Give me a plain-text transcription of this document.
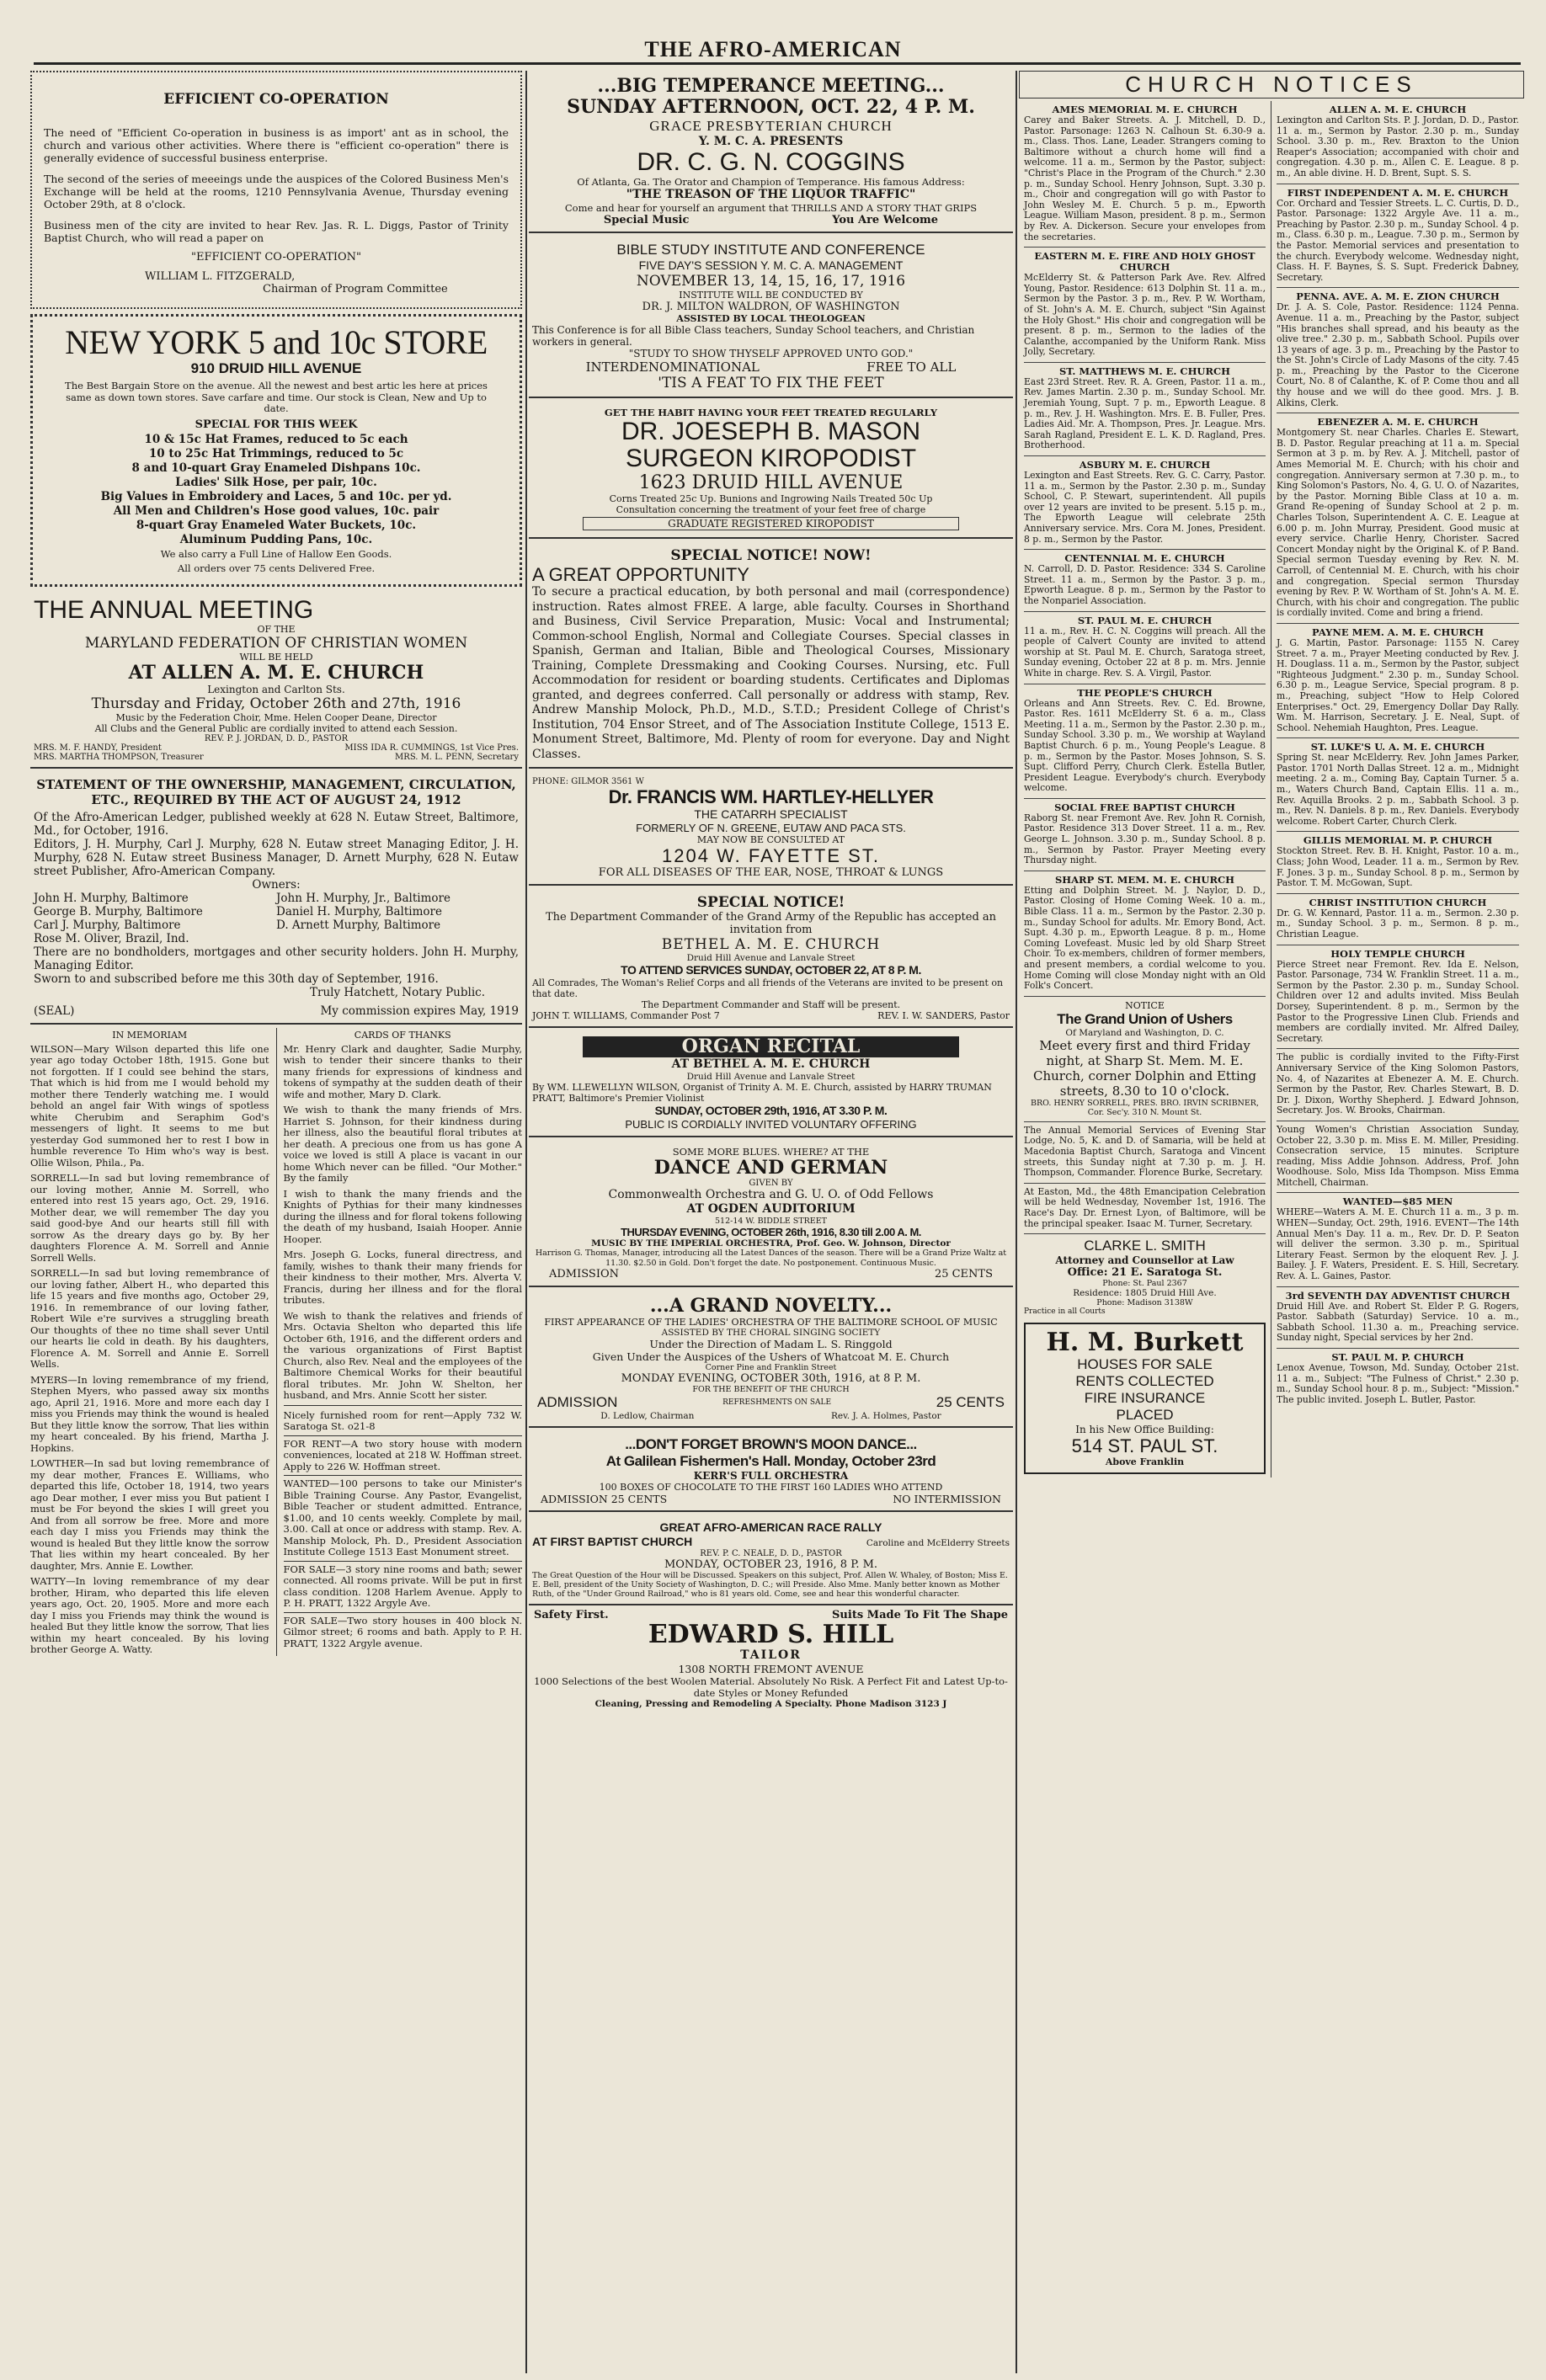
THE AFRO-AMERICAN
EFFICIENT CO-OPERATION

The need of "Efficient Co-operation in business is as import' ant as in school, the church and various other activities. Where there is "efficient co-operation" there is generally evidence of successful business enterprise.

The second of the series of meeeings unde the auspices of the Colored Business Men's Exchange will be held at the rooms, 1210 Pennsylvania Avenue, Thursday evening October 29th, at 8 o'clock.

Business men of the city are invited to hear Rev. Jas. R. L. Diggs, Pastor of Trinity Baptist Church, who will read a paper on

"EFFICIENT CO-OPERATION"
WILLIAM L. FITZGERALD,
Chairman of Program Committee
NEW YORK 5 and 10c STORE
910 DRUID HILL AVENUE

The Best Bargain Store on the avenue. All the newest and best artic les here at prices same as down town stores. Save carfare and time. Our stock is Clean, New and Up to date.

SPECIAL FOR THIS WEEK

10 & 15c Hat Frames, reduced to 5c each

10 to 25c Hat Trimmings, reduced to 5c

8 and 10-quart Gray Enameled Dishpans 10c.

Ladies' Silk Hose, per pair, 10c.

Big Values in Embroidery and Laces, 5 and 10c. per yd.

All Men and Children's Hose good values, 10c. pair

8-quart Gray Enameled Water Buckets, 10c.

Aluminum Pudding Pans, 10c.

We also carry a Full Line of Hallow Een Goods.

All orders over 75 cents Delivered Free.

THE ANNUAL MEETING
OF THE
MARYLAND FEDERATION OF CHRISTIAN WOMEN
WILL BE HELD
AT ALLEN A. M. E. CHURCH
Lexington and Carlton Sts.
Thursday and Friday, October 26th and 27th, 1916
Music by the Federation Choir, Mme. Helen Cooper Deane, Director
All Clubs and the General Public are cordially invited to attend each Session.
REV. P. J. JORDAN, D. D., PASTOR
MRS. M. F. HANDY, President	MISS IDA R. CUMMINGS, 1st Vice Pres.
MRS. MARTHA THOMPSON, Treasurer	MRS. M. L. PENN, Secretary
STATEMENT OF THE OWNERSHIP, MANAGEMENT, CIRCULATION, ETC., REQUIRED BY THE ACT OF AUGUST 24, 1912

Of the Afro-American Ledger, published weekly at 628 N. Eutaw Street, Baltimore, Md., for October, 1916.

Editors, J. H. Murphy, Carl J. Murphy, 628 N. Eutaw street Managing Editor, J. H. Murphy, 628 N. Eutaw street Business Manager, D. Arnett Murphy, 628 N. Eutaw street Publisher, Afro-American Company.

Owners:
John H. Murphy, Baltimore
George B. Murphy, Baltimore
Carl J. Murphy, Baltimore
Rose M. Oliver, Brazil, Ind.
John H. Murphy, Jr., Baltimore
Daniel H. Murphy, Baltimore
D. Arnett Murphy, Baltimore

There are no bondholders, mortgages and other security holders. John H. Murphy, Managing Editor.

Sworn to and subscribed before me this 30th day of September, 1916.

Truly Hatchett, Notary Public.
(SEAL)	My commission expires May, 1919
IN MEMORIAM

WILSON—Mary Wilson departed this life one year ago today October 18th, 1915. Gone but not forgotten. If I could see behind the stars, That which is hid from me I would behold my mother there Tenderly watching me. I would behold an angel fair With wings of spotless white Cherubim and Seraphim God's messengers of light. It seems to me but yesterday God summoned her to rest I bow in humble reverence To Him who's way is best. Ollie Wilson, Phila., Pa.

SORRELL—In sad but loving remembrance of our loving mother, Annie M. Sorrell, who entered into rest 15 years ago, Oct. 29, 1916. Mother dear, we will remember The day you said good-bye And our hearts still fill with sorrow As the dreary days go by. By her daughters Florence A. M. Sorrell and Annie Sorrell Wells.

SORRELL—In sad but loving remembrance of our loving father, Albert H., who departed this life 15 years and five months ago, October 29, 1916. In remembrance of our loving father, Robert Wile e're survives a struggling breath Our thoughts of thee no time shall sever Until our hearts lie cold in death. By his daughters, Florence A. M. Sorrell and Annie E. Sorrell Wells.

MYERS—In loving remembrance of my friend, Stephen Myers, who passed away six months ago, April 21, 1916. More and more each day I miss you Friends may think the wound is healed But they little know the sorrow, That lies within my heart concealed. By his friend, Martha J. Hopkins.

LOWTHER—In sad but loving remembrance of my dear mother, Frances E. Williams, who departed this life, October 18, 1914, two years ago Dear mother, I ever miss you But patient I must be For beyond the skies I will greet you And from all sorrow be free. More and more each day I miss you Friends may think the wound is healed But they little know the sorrow That lies within my heart concealed. By her daughter, Mrs. Annie E. Lowther.

WATTY—In loving remembrance of my dear brother, Hiram, who departed this life eleven years ago, Oct. 20, 1905. More and more each day I miss you Friends may think the wound is healed But they little know the sorrow, That lies within my heart concealed. By his loving brother George A. Watty.

CARDS OF THANKS

Mr. Henry Clark and daughter, Sadie Murphy, wish to tender their sincere thanks to their many friends for expressions of kindness and tokens of sympathy at the sudden death of their wife and mother, Mary D. Clark.

We wish to thank the many friends of Mrs. Harriet S. Johnson, for their kindness during her illness, also the beautiful floral tributes at her death. A precious one from us has gone A voice we loved is still A place is vacant in our home Which never can be filled. "Our Mother." By the family

I wish to thank the many friends and the Knights of Pythias for their many kindnesses during the illness and for floral tokens following the death of my husband, Isaiah Hooper. Annie Hooper.

Mrs. Joseph G. Locks, funeral directress, and family, wishes to thank their many friends for their kindness to their mother, Mrs. Alverta V. Francis, during her illness and for the floral tributes.

We wish to thank the relatives and friends of Mrs. Octavia Shelton who departed this life October 6th, 1916, and the different orders and the various organizations of First Baptist Church, also Rev. Neal and the employees of the Baltimore Chemical Works for their beautiful floral tributes. Mr. John W. Shelton, her husband, and Mrs. Annie Scott her sister.

Nicely furnished room for rent—Apply 732 W. Saratoga St. o21-8

FOR RENT—A two story house with modern conveniences, located at 218 W. Hoffman street. Apply to 226 W. Hoffman street.

WANTED—100 persons to take our Minister's Bible Training Course. Any Pastor, Evangelist, Bible Teacher or student admitted. Entrance, $1.00, and 10 cents weekly. Complete by mail, 3.00. Call at once or address with stamp. Rev. A. Manship Molock, Ph. D., President Association Institute College 1513 East Monument street.

FOR SALE—3 story nine rooms and bath; sewer connected. All rooms private. Will be put in first class condition. 1208 Harlem Avenue. Apply to P. H. PRATT, 1322 Argyle Ave.

FOR SALE—Two story houses in 400 block N. Gilmor street; 6 rooms and bath. Apply to P. H. PRATT, 1322 Argyle avenue.

...BIG TEMPERANCE MEETING...
SUNDAY AFTERNOON, OCT. 22, 4 P. M.
GRACE PRESBYTERIAN CHURCH
Y. M. C. A. PRESENTS
DR. C. G. N. COGGINS
Of Atlanta, Ga. The Orator and Champion of Temperance. His famous Address:
"THE TREASON OF THE LIQUOR TRAFFIC"
Come and hear for yourself an argument that THRILLS AND A STORY THAT GRIPS
Special Music	You Are Welcome
BIBLE STUDY INSTITUTE AND CONFERENCE
FIVE DAY'S SESSION Y. M. C. A. MANAGEMENT
NOVEMBER 13, 14, 15, 16, 17, 1916
INSTITUTE WILL BE CONDUCTED BY
DR. J. MILTON WALDRON, OF WASHINGTON
ASSISTED BY LOCAL THEOLOGEAN
This Conference is for all Bible Class teachers, Sunday School teachers, and Christian workers in general.
"STUDY TO SHOW THYSELF APPROVED UNTO GOD."
INTERDENOMINATIONAL	FREE TO ALL
'TIS A FEAT TO FIX THE FEET
GET THE HABIT HAVING YOUR FEET TREATED REGULARLY
DR. JOESEPH B. MASON
SURGEON KIROPODIST
1623 DRUID HILL AVENUE
Corns Treated 25c Up. Bunions and Ingrowing Nails Treated 50c Up
Consultation concerning the treatment of your feet free of charge
GRADUATE REGISTERED KIROPODIST
SPECIAL NOTICE! NOW!
A GREAT OPPORTUNITY

To secure a practical education, by both personal and mail (correspondence) instruction. Rates almost FREE. A large, able faculty. Courses in Shorthand and Business, Civil Service Preparation, Music: Vocal and Instrumental; Common-school English, Normal and Collegiate Courses. Special classes in Spanish, German and Italian, Bible and Theological Courses, Missionary Training, Complete Dressmaking and Cooking Courses. Nursing, etc. Full Accommodation for resident or boarding students. Certificates and Diplomas granted, and degrees conferred. Call personally or address with stamp, Rev. Andrew Manship Molock, Ph.D., M.D., S.T.D.; President College of Christ's Institution, 704 Ensor Street, and of The Association Institute College, 1513 E. Monument Street, Baltimore, Md. Plenty of room for everyone. Day and Night Classes.

PHONE: GILMOR 3561 W
Dr. FRANCIS WM. HARTLEY-HELLYER
THE CATARRH SPECIALIST
FORMERLY OF N. GREENE, EUTAW AND PACA STS.
MAY NOW BE CONSULTED AT
1204 W. FAYETTE ST.
FOR ALL DISEASES OF THE EAR, NOSE, THROAT & LUNGS
SPECIAL NOTICE!
The Department Commander of the Grand Army of the Republic has accepted an invitation from
BETHEL A. M. E. CHURCH
Druid Hill Avenue and Lanvale Street
TO ATTEND SERVICES SUNDAY, OCTOBER 22, AT 8 P. M.
All Comrades, The Woman's Relief Corps and all friends of the Veterans are invited to be present on that date.
The Department Commander and Staff will be present.
JOHN T. WILLIAMS, Commander Post 7	REV. I. W. SANDERS, Pastor
ORGAN RECITAL
AT BETHEL A. M. E. CHURCH
Druid Hill Avenue and Lanvale Street
By WM. LLEWELLYN WILSON, Organist of Trinity A. M. E. Church, assisted by HARRY TRUMAN PRATT, Baltimore's Premier Violinist
SUNDAY, OCTOBER 29th, 1916, AT 3.30 P. M.
PUBLIC IS CORDIALLY INVITED VOLUNTARY OFFERING
SOME MORE BLUES. WHERE? AT THE
DANCE AND GERMAN
GIVEN BY
Commonwealth Orchestra and G. U. O. of Odd Fellows
AT OGDEN AUDITORIUM
512-14 W. BIDDLE STREET
THURSDAY EVENING, OCTOBER 26th, 1916, 8.30 till 2.00 A. M.
MUSIC BY THE IMPERIAL ORCHESTRA, Prof. Geo. W. Johnson, Director
Harrison G. Thomas, Manager, introducing all the Latest Dances of the season. There will be a Grand Prize Waltz at 11.30. $2.50 in Gold. Don't forget the date. No postponement. Continuous Music.
ADMISSION	25 CENTS
...A GRAND NOVELTY...
FIRST APPEARANCE OF THE LADIES' ORCHESTRA OF THE BALTIMORE SCHOOL OF MUSIC
ASSISTED BY THE CHORAL SINGING SOCIETY
Under the Direction of Madam L. S. Ringgold
Given Under the Auspices of the Ushers of Whatcoat M. E. Church
Corner Pine and Franklin Street
MONDAY EVENING, OCTOBER 30th, 1916, at 8 P. M.
FOR THE BENEFIT OF THE CHURCH
ADMISSION	REFRESHMENTS ON SALE	25 CENTS
D. Ledlow, Chairman	Rev. J. A. Holmes, Pastor
...DON'T FORGET BROWN'S MOON DANCE...
At Galilean Fishermen's Hall. Monday, October 23rd
KERR'S FULL ORCHESTRA
100 BOXES OF CHOCOLATE TO THE FIRST 160 LADIES WHO ATTEND
ADMISSION 25 CENTS	NO INTERMISSION
GREAT AFRO-AMERICAN RACE RALLY
AT FIRST BAPTIST CHURCH	Caroline and McElderry Streets
REV. P. C. NEALE, D. D., PASTOR
MONDAY, OCTOBER 23, 1916, 8 P. M.
The Great Question of the Hour will be Discussed. Speakers on this subject, Prof. Allen W. Whaley, of Boston; Miss E. E. Bell, president of the Unity Society of Washington, D. C.; will Preside. Also Mme. Manly better known as Mother Ruth, of the "Under Ground Railroad," who is 81 years old. Come, see and hear this wonderful character.
Safety First.	Suits Made To Fit The Shape
EDWARD S. HILL
TAILOR
1308 NORTH FREMONT AVENUE
1000 Selections of the best Woolen Material. Absolutely No Risk. A Perfect Fit and Latest Up-to-date Styles or Money Refunded
Cleaning, Pressing and Remodeling A Specialty. Phone Madison 3123 J
CHURCH NOTICES
AMES MEMORIAL M. E. CHURCH

Carey and Baker Streets. A. J. Mitchell, D. D., Pastor. Parsonage: 1263 N. Calhoun St. 6.30-9 a. m., Class. Thos. Lane, Leader. Strangers coming to Baltimore without a church home will find a welcome. 11 a. m., Sermon by the Pastor, subject: "Christ's Place in the Program of the Church." 2.30 p. m., Sunday School. Henry Johnson, Supt. 3.30 p. m., Choir and congregation will go with Pastor to John Wesley M. E. Church. 5 p. m., Epworth League. William Mason, president. 8 p. m., Sermon by Rev. A. Dickerson. Secure your envelopes from the secretaries.

EASTERN M. E. FIRE AND HOLY GHOST CHURCH

McElderry St. & Patterson Park Ave. Rev. Alfred Young, Pastor. Residence: 613 Dolphin St. 11 a. m., Sermon by the Pastor. 3 p. m., Rev. P. W. Wortham, of St. John's A. M. E. Church, subject "Sin Against the Holy Ghost." His choir and congregation will be present. 8 p. m., Sermon to the ladies of the Calanthe, accompanied by the Uniform Rank. Miss Jolly, Secretary.

ST. MATTHEWS M. E. CHURCH

East 23rd Street. Rev. R. A. Green, Pastor. 11 a. m., Rev. James Martin. 2.30 p. m., Sunday School. Mr. Jeremiah Young, Supt. 7 p. m., Epworth League. 8 p. m., Rev. J. H. Washington. Mrs. E. B. Fuller, Pres. Ladies Aid. Mr. A. Thompson, Pres. Jr. League. Mrs. Sarah Ragland, President E. L. K. D. Ragland, Pres. Brotherhood.

ASBURY M. E. CHURCH

Lexington and East Streets. Rev. G. C. Carry, Pastor. 11 a. m., Sermon by the Pastor. 2.30 p. m., Sunday School, C. P. Stewart, superintendent. All pupils over 12 years are invited to be present. 5.15 p. m., The Epworth League will celebrate 25th Anniversary service. Mrs. Cora M. Jones, President. 8 p. m., Sermon by the Pastor.

CENTENNIAL M. E. CHURCH

N. Carroll, D. D. Pastor. Residence: 334 S. Caroline Street. 11 a. m., Sermon by the Pastor. 3 p. m., Epworth League. 8 p. m., Sermon by the Pastor to the Nonpariel Association.

ST. PAUL M. E. CHURCH

11 a. m., Rev. H. C. N. Coggins will preach. All the people of Calvert County are invited to attend worship at St. Paul M. E. Church, Saratoga street, Sunday evening, October 22 at 8 p. m. Mrs. Jennie White in charge. Rev. S. A. Virgil, Pastor.

THE PEOPLE'S CHURCH

Orleans and Ann Streets. Rev. C. Ed. Browne, Pastor. Res. 1611 McElderry St. 6 a. m., Class Meeting. 11 a. m., Sermon by the Pastor. 2.30 p. m., Sunday School. 3.30 p. m., We worship at Wayland Baptist Church. 6 p. m., Young People's League. 8 p. m., Sermon by the Pastor. Moses Johnson, S. S. Supt. Clifford Perry, Church Clerk. Estella Butler, President League. Everybody's church. Everybody welcome.

SOCIAL FREE BAPTIST CHURCH

Raborg St. near Fremont Ave. Rev. John R. Cornish, Pastor. Residence 313 Dover Street. 11 a. m., Rev. George L. Johnson. 3.30 p. m., Sunday School. 8 p. m., Sermon by Pastor. Prayer Meeting every Thursday night.

SHARP ST. MEM. M. E. CHURCH

Etting and Dolphin Street. M. J. Naylor, D. D., Pastor. Closing of Home Coming Week. 10 a. m., Bible Class. 11 a. m., Sermon by the Pastor. 2.30 p. m., Sunday School for adults. Mr. Emory Bond, Act. Supt. 4.30 p. m., Epworth League. 8 p. m., Home Coming Lovefeast. Music led by old Sharp Street Choir. To ex-members, children of former members, and present members, a cordial welcome to you. Home Coming will close Monday night with an Old Folk's Concert.

NOTICE
The Grand Union of Ushers
Of Maryland and Washington, D. C.
Meet every first and third Friday night, at Sharp St. Mem. M. E. Church, corner Dolphin and Etting streets, 8.30 to 10 o'clock.
BRO. HENRY SORRELL, PRES. BRO. IRVIN SCRIBNER, Cor. Sec'y. 310 N. Mount St.

The Annual Memorial Services of Evening Star Lodge, No. 5, K. and D. of Samaria, will be held at Macedonia Baptist Church, Saratoga and Vincent streets, this Sunday night at 7.30 p. m. J. H. Thompson, Commander. Florence Burke, Secretary.

At Easton, Md., the 48th Emancipation Celebration will be held Wednesday, November 1st, 1916. The Race's Day. Dr. Ernest Lyon, of Baltimore, will be the principal speaker. Isaac M. Turner, Secretary.

CLARKE L. SMITH
Attorney and Counsellor at Law
Office: 21 E. Saratoga St.
Phone: St. Paul 2367
Residence: 1805 Druid Hill Ave.
Phone: Madison 3138W
Practice in all Courts
H. M. Burkett
HOUSES FOR SALE
RENTS COLLECTED
FIRE INSURANCE
PLACED
In his New Office Building:
514 ST. PAUL ST.
Above Franklin
ALLEN A. M. E. CHURCH

Lexington and Carlton Sts. P. J. Jordan, D. D., Pastor. 11 a. m., Sermon by Pastor. 2.30 p. m., Sunday School. 3.30 p. m., Rev. Braxton to the Union Reaper's Association; accompanied with choir and congregation. 4.30 p. m., Allen C. E. League. 8 p. m., An able divine. H. D. Brent, Supt. S. S.

FIRST INDEPENDENT A. M. E. CHURCH

Cor. Orchard and Tessier Streets. L. C. Curtis, D. D., Pastor. Parsonage: 1322 Argyle Ave. 11 a. m., Preaching by Pastor. 2.30 p. m., Sunday School. 4 p. m., Class. 6.30 p. m., League. 7.30 p. m., Sermon by the Pastor. Memorial services and presentation to the church. Everybody welcome. Wednesday night, Class. H. F. Baynes, S. S. Supt. Frederick Dabney, Secretary.

PENNA. AVE. A. M. E. ZION CHURCH

Dr. J. A. S. Cole, Pastor. Residence: 1124 Penna. Avenue. 11 a. m., Preaching by the Pastor, subject "His branches shall spread, and his beauty as the olive tree." 2.30 p. m., Sabbath School. Pupils over 13 years of age. 3 p. m., Preaching by the Pastor to the St. John's Circle of Lady Masons of the city. 7.45 p. m., Preaching by the Pastor to the Cicerone Court, No. 8 of Calanthe, K. of P. Come thou and all thy house and we will do thee good. Mrs. J. B. Alkins, Clerk.

EBENEZER A. M. E. CHURCH

Montgomery St. near Charles. Charles E. Stewart, B. D. Pastor. Regular preaching at 11 a. m. Special Sermon at 3 p. m. by Rev. A. J. Mitchell, pastor of Ames Memorial M. E. Church; with his choir and congregation. Anniversary sermon at 7.30 p. m., to King Solomon's Pastors, No. 4, G. U. O. of Nazarites, by the Pastor. Morning Bible Class at 10 a. m. Grand Re-opening of Sunday School at 2 p. m. Charles Tolson, Superintendent A. C. E. League at 6.00 p. m. John Murray, President. Good music at every service. Charlie Henry, Chorister. Sacred Concert Monday night by the Original K. of P. Band. Special sermon Tuesday evening by Rev. N. M. Carroll, of Centennial M. E. Church, with his choir and congregation. Special sermon Thursday evening by Rev. P. W. Wortham of St. John's A. M. E. Church, with his choir and congregation. The public is cordially invited. Come and bring a friend.

PAYNE MEM. A. M. E. CHURCH

J. G. Martin, Pastor. Parsonage: 1155 N. Carey Street. 7 a. m., Prayer Meeting conducted by Rev. J. H. Douglass. 11 a. m., Sermon by the Pastor, subject "Righteous Judgment." 2.30 p. m., Sunday School. 6.30 p. m., League Service, Special program. 8 p. m., Preaching, subject "How to Help Colored Enterprises." Oct. 29, Emergency Dollar Day Rally. Wm. M. Harrison, Secretary. J. E. Neal, Supt. of School. Nehemiah Haughton, Pres. League.

ST. LUKE'S U. A. M. E. CHURCH

Spring St. near McElderry. Rev. John James Parker, Pastor. 1701 North Dallas Street. 12 a. m., Midnight meeting. 2 a. m., Coming Bay, Captain Turner. 5 a. m., Waters Church Band, Captain Ellis. 11 a. m., Rev. Aquilla Brooks. 2 p. m., Sabbath School. 3 p. m., Rev. N. Daniels. 8 p. m., Rev. Daniels. Everybody welcome. Robert Carter, Church Clerk.

GILLIS MEMORIAL M. P. CHURCH

Stockton Street. Rev. B. H. Knight, Pastor. 10 a. m., Class; John Wood, Leader. 11 a. m., Sermon by Rev. F. Jones. 3 p. m., Sunday School. 8 p. m., Sermon by Pastor. T. M. McGowan, Supt.

CHRIST INSTITUTION CHURCH

Dr. G. W. Kennard, Pastor. 11 a. m., Sermon. 2.30 p. m., Sunday School. 3 p. m., Sermon. 8 p. m., Christian League.

HOLY TEMPLE CHURCH

Pierce Street near Fremont. Rev. Ida E. Nelson, Pastor. Parsonage, 734 W. Franklin Street. 11 a. m., Sermon by the Pastor. 2.30 p. m., Sunday School. Children over 12 and adults invited. Miss Beulah Dorsey, Superintendent. 8 p. m., Sermon by the Pastor to the Progressive Linen Club. Friends and members are cordially invited. Mr. Alfred Dailey, Secretary.

The public is cordially invited to the Fifty-First Anniversary Service of the King Solomon Pastors, No. 4, of Nazarites at Ebenezer A. M. E. Church. Sermon by the Pastor, Rev. Charles Stewart, B. D. Dr. J. Dixon, Worthy Shepherd. J. Edward Johnson, Secretary. Jos. W. Brooks, Chairman.

Young Women's Christian Association Sunday, October 22, 3.30 p. m. Miss E. M. Miller, Presiding. Consecration service, 15 minutes. Scripture reading, Miss Addie Johnson. Address, Prof. John Woodhouse. Solo, Miss Ida Thompson. Miss Emma Mitchell, Chairman.

WANTED—$85 MEN

WHERE—Waters A. M. E. Church 11 a. m., 3 p. m. WHEN—Sunday, Oct. 29th, 1916. EVENT—The 14th Annual Men's Day. 11 a. m., Rev. Dr. D. P. Seaton will deliver the sermon. 3.30 p. m., Spiritual Literary Feast. Sermon by the eloquent Rev. J. J. Bailey. J. F. Waters, President. E. S. Hill, Secretary. Rev. A. L. Gaines, Pastor.

3rd SEVENTH DAY ADVENTIST CHURCH

Druid Hill Ave. and Robert St. Elder P. G. Rogers, Pastor. Sabbath (Saturday) Service. 10 a. m., Sabbath School. 11.30 a. m., Preaching service. Sunday night, Special services by her 2nd.

ST. PAUL M. P. CHURCH

Lenox Avenue, Towson, Md. Sunday, October 21st. 11 a. m., Subject: "The Fulness of Christ." 2.30 p. m., Sunday School hour. 8 p. m., Subject: "Mission." The public invited. Joseph L. Butler, Pastor.
